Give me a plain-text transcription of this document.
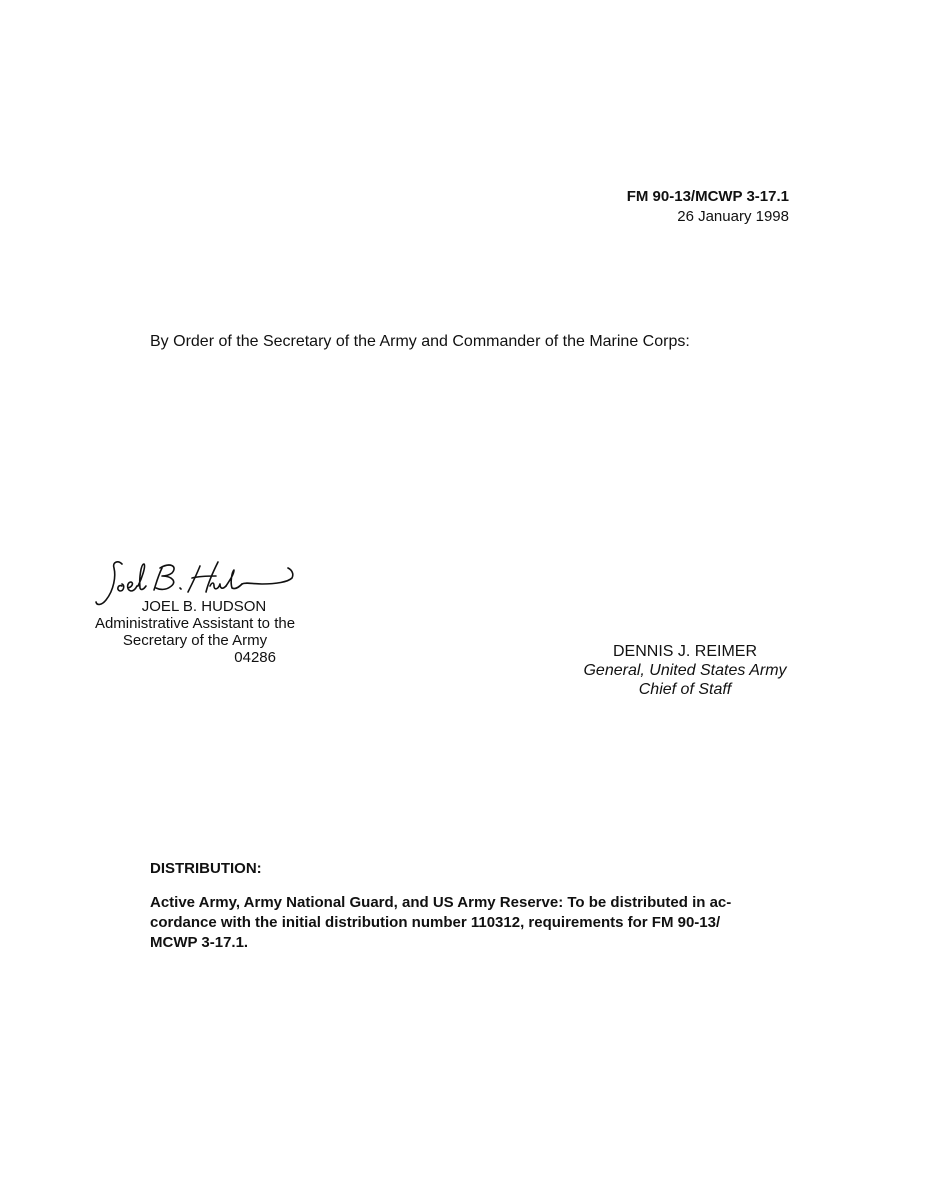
FM 90-13/MCWP 3-17.1
26 January 1998
By Order of the Secretary of the Army and Commander of the Marine Corps:
JOEL B. HUDSON
Administrative Assistant to the
Secretary of the Army
04286	DENNIS J. REIMER
General, United States Army
Chief of Staff
DISTRIBUTION:
Active Army, Army National Guard, and US Army Reserve: To be distributed in ac-
cordance with the initial distribution number 110312, requirements for FM 90-13/
MCWP 3-17.1.
